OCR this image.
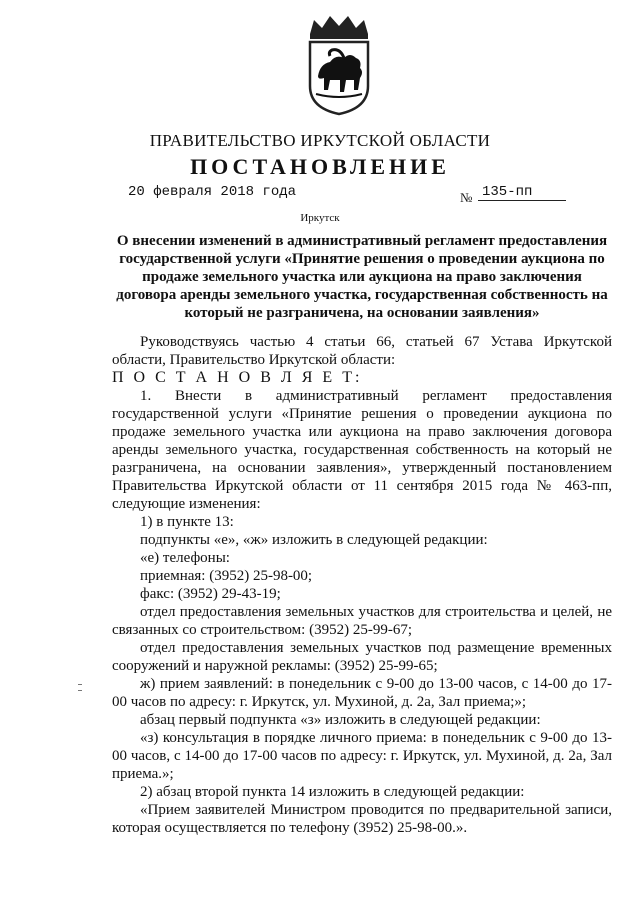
ПРАВИТЕЛЬСТВО ИРКУТСКОЙ ОБЛАСТИ
ПОСТАНОВЛЕНИЕ
20 февраля 2018 года	№ 135-пп
Иркутск
О внесении изменений в административный регламент предоставления государственной услуги «Принятие решения о проведении аукциона по продаже земельного участка или аукциона на право заключения договора аренды земельного участка, государственная собственность на который не разграничена, на основании заявления»

Руководствуясь частью 4 статьи 66, статьей 67 Устава Иркутской области, Правительство Иркутской области:

П О С Т А Н О В Л Я Е Т:

1. Внести в административный регламент предоставления государственной услуги «Принятие решения о проведении аукциона по продаже земельного участка или аукциона на право заключения договора аренды земельного участка, государственная собственность на который не разграничена, на основании заявления», утвержденный постановлением Правительства Иркутской области от 11 сентября 2015 года № 463-пп, следующие изменения:

1) в пункте 13:

подпункты «е», «ж» изложить в следующей редакции:

«е) телефоны:

приемная: (3952) 25-98-00;

факс: (3952) 29-43-19;

отдел предоставления земельных участков для строительства и целей, не связанных со строительством: (3952) 25-99-67;

отдел предоставления земельных участков под размещение временных сооружений и наружной рекламы: (3952) 25-99-65;

ж) прием заявлений: в понедельник с 9-00 до 13-00 часов, с 14-00 до 17-00 часов по адресу: г. Иркутск, ул. Мухиной, д. 2а, Зал приема;»;

абзац первый подпункта «з» изложить в следующей редакции:

«з) консультация в порядке личного приема: в понедельник с 9-00 до 13-00 часов, с 14-00 до 17-00 часов по адресу: г. Иркутск, ул. Мухиной, д. 2а, Зал приема.»;

2) абзац второй пункта 14 изложить в следующей редакции:

«Прием заявителей Министром проводится по предварительной записи, которая осуществляется по телефону (3952) 25-98-00.».
